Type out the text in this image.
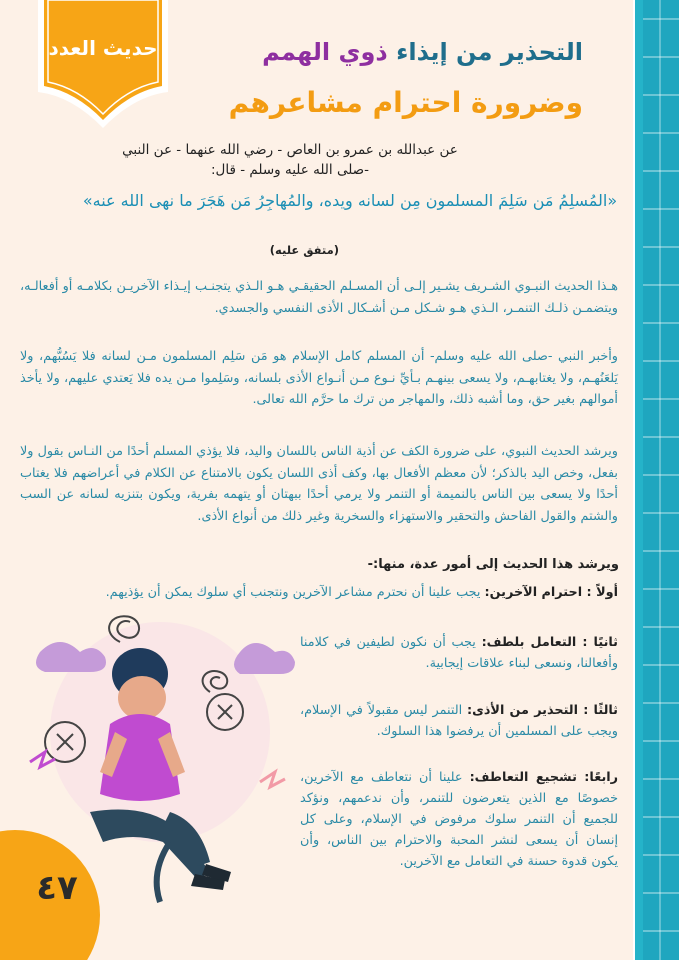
حديث العدد	التحذير من إيذاء ذوي الهمم
وضرورة احترام مشاعرهم
عن عبدالله بن عمرو بن العاص - رضي الله عنهما - عن النبي -صلى الله عليه وسلم - قال:
«المُسلِمُ مَن سَلِمَ المسلمون مِن لسانه ويده، والمُهاجِرُ مَن هَجَرَ ما نهى الله عنه»
(متفق عليه)
هـذا الحديث النبـوي الشـريف يشـير إلـى أن المسـلم الحقيقـي هـو الـذي يتجنـب إيـذاء الآخريـن بكلامـه أو أفعالـه، ويتضمـن ذلـك التنمـر، الـذي هـو شـكل مـن أشـكال الأذى النفسي والجسدي.
وأخبر النبي -صلى الله عليه وسلم- أن المسلم كامل الإسلام هو مَن سَلِم المسلمون مـن لسانه فلا يَسُبُّهم، ولا يَلعَنُهـم، ولا يغتابهـم، ولا يسعى بينهـم بـأيِّ نـوع مـن أنـواع الأذى بلسانه، وسَلِموا مـن يده فلا يَعتدي عليهم، ولا يأخذ أموالهم بغير حق، وما أشبه ذلك، والمهاجر من ترك ما حرَّم الله تعالى.
ويرشد الحديث النبوي، على ضرورة الكف عن أذية الناس باللسان واليد، فلا يؤذي المسلم أحدًا من النـاس بقول ولا بفعل، وخص اليد بالذكر؛ لأن معظم الأفعال بها، وكف أذى اللسان يكون بالامتناع عن الكلام في أعراضهم فلا يغتاب أحدًا ولا يسعى بين الناس بالنميمة أو التنمر ولا يرمي أحدًا ببهتان أو يتهمه بفرية، ويكون بتنزيه لسانه عن السب والشتم والقول الفاحش والتحقير والاستهزاء والسخرية وغير ذلك من أنواع الأذى.
ويرشد هذا الحديث إلى أمور عدة، منها:-
أولاً : احترام الآخرين: يجب علينا أن نحترم مشاعر الآخرين ونتجنب أي سلوك يمكن أن يؤذيهم.
ثانيًا : التعامل بلطف: يجب أن نكون لطيفين في كلامنا وأفعالنا، ونسعى لبناء علاقات إيجابية.
ثالثًا : التحذير من الأذى: التنمر ليس مقبولاً في الإسلام، ويجب على المسلمين أن يرفضوا هذا السلوك.
رابعًا: تشجيع التعاطف: علينا أن نتعاطف مع الآخرين، خصوصًا مع الذين يتعرضون للتنمر، وأن ندعمهم، ونؤكد للجميع أن التنمر سلوك مرفوض في الإسلام، وعلى كل إنسان أن يسعى لنشر المحبة والاحترام بين الناس، وأن يكون قدوة حسنة في التعامل مع الآخرين.
٤٧
